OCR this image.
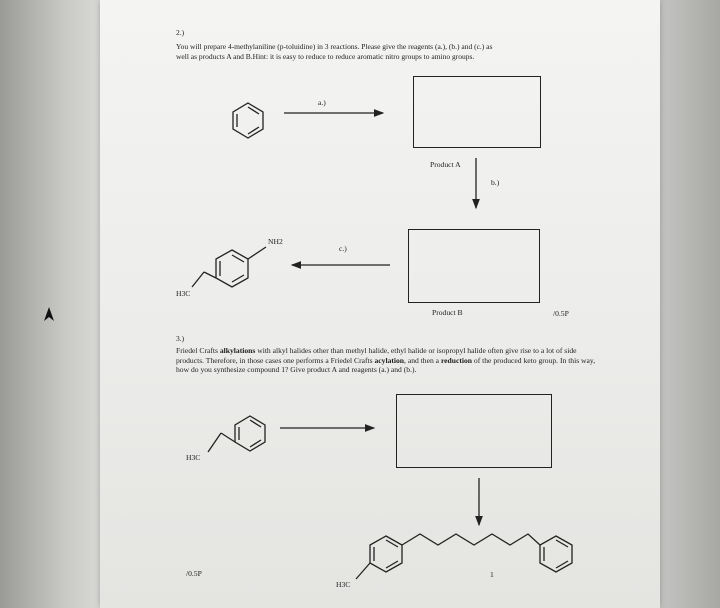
2.)
You will prepare 4-methylaniline (p-toluidine) in 3 reactions. Please give the reagents (a.), (b.) and (c.) as
well as products A and B.Hint: it is easy to reduce to reduce aromatic nitro groups to amino groups.
a.)
Product A
b.)
c.)
NH2
H3C
Product B	/0.5P
3.)
Friedel Crafts alkylations with alkyl halides other than methyl halide, ethyl halide or isopropyl halide often give rise to a lot of side products. Therefore, in those cases one performs a Friedel Crafts acylation, and then a reduction of the produced keto group. In this way, how do you synthesize compound 1? Give product A and reagents (a.) and (b.).
H3C
1
H3C
/0.5P
